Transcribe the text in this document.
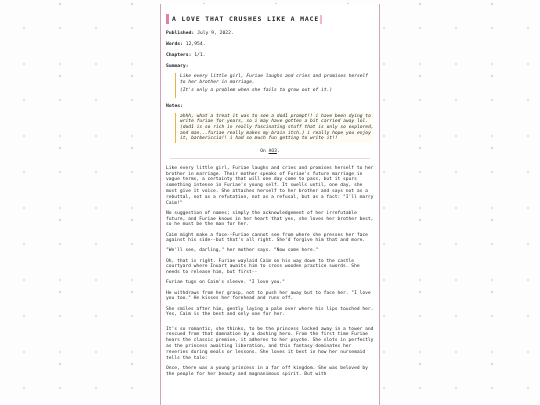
A LOVE THAT CRUSHES LIKE A MACE
Published: July 9, 2022.
Words: 12,954.
Chapters: 1/1.
Summary:

Like every little girl, Furiae laughs and cries and promises herself to her brother in marriage.

(It's only a problem when she fails to grow out of it.)

Notes:

ahhh, what a treat it was to see a dod1 prompt!! i have been dying to write furiae for years, so i may have gotten a bit carried away lol. (dod1 is so rich in really fascinating stuff that is only so explored, and man...furiae really makes my brain itch.) i really hope you enjoy it, barbericcia!! i had so much fun getting to write it!!

On AO3.

Like every little girl, Furiae laughs and cries and promises herself to her brother in marriage. Their mother speaks of Furiae's future marriage in vague terms, a certainty that will one day come to pass, but it spurs something intense in Furiae's young self. It swells until, one day, she must give it voice. She attaches herself to her brother and says not as a rebuttal, not as a refutation, not as a refusal, but as a fact: "I'll marry Caim!"

No suggestion of names; simply the acknowledgement of her irrefutable future, and Furiae knows in her heart that yes, she loves her brother best, so he must be the man for her.

Caim might make a face--Furiae cannot see from where she presses her face against his side--but that's all right. She'd forgive him that and more.

"We'll see, darling," her mother says. "Now come here."

Oh, that is right. Furiae waylaid Caim on his way down to the castle courtyard where Inuart awaits him to cross wooden practice swords. She needs to release him, but first--

Furiae tugs on Caim's sleeve. "I love you."

He withdraws from her grasp, not to push her away but to face her. "I love you too." He kisses her forehead and runs off.

She smiles after him, gently laying a palm over where his lips touched her. Yes, Caim is the best and only one for her.

It's so romantic, she thinks, to be the princess locked away in a tower and rescued from that damnation by a dashing hero. From the first time Furiae hears the classic premise, it adheres to her psyche. She slots in perfectly as the princess awaiting liberation, and this fantasy dominates her reveries during meals or lessons. She loves it best in how her nursemaid tells the tale:

Once, there was a young princess in a far off kingdom. She was beloved by the people for her beauty and magnanimous spirit. But with
